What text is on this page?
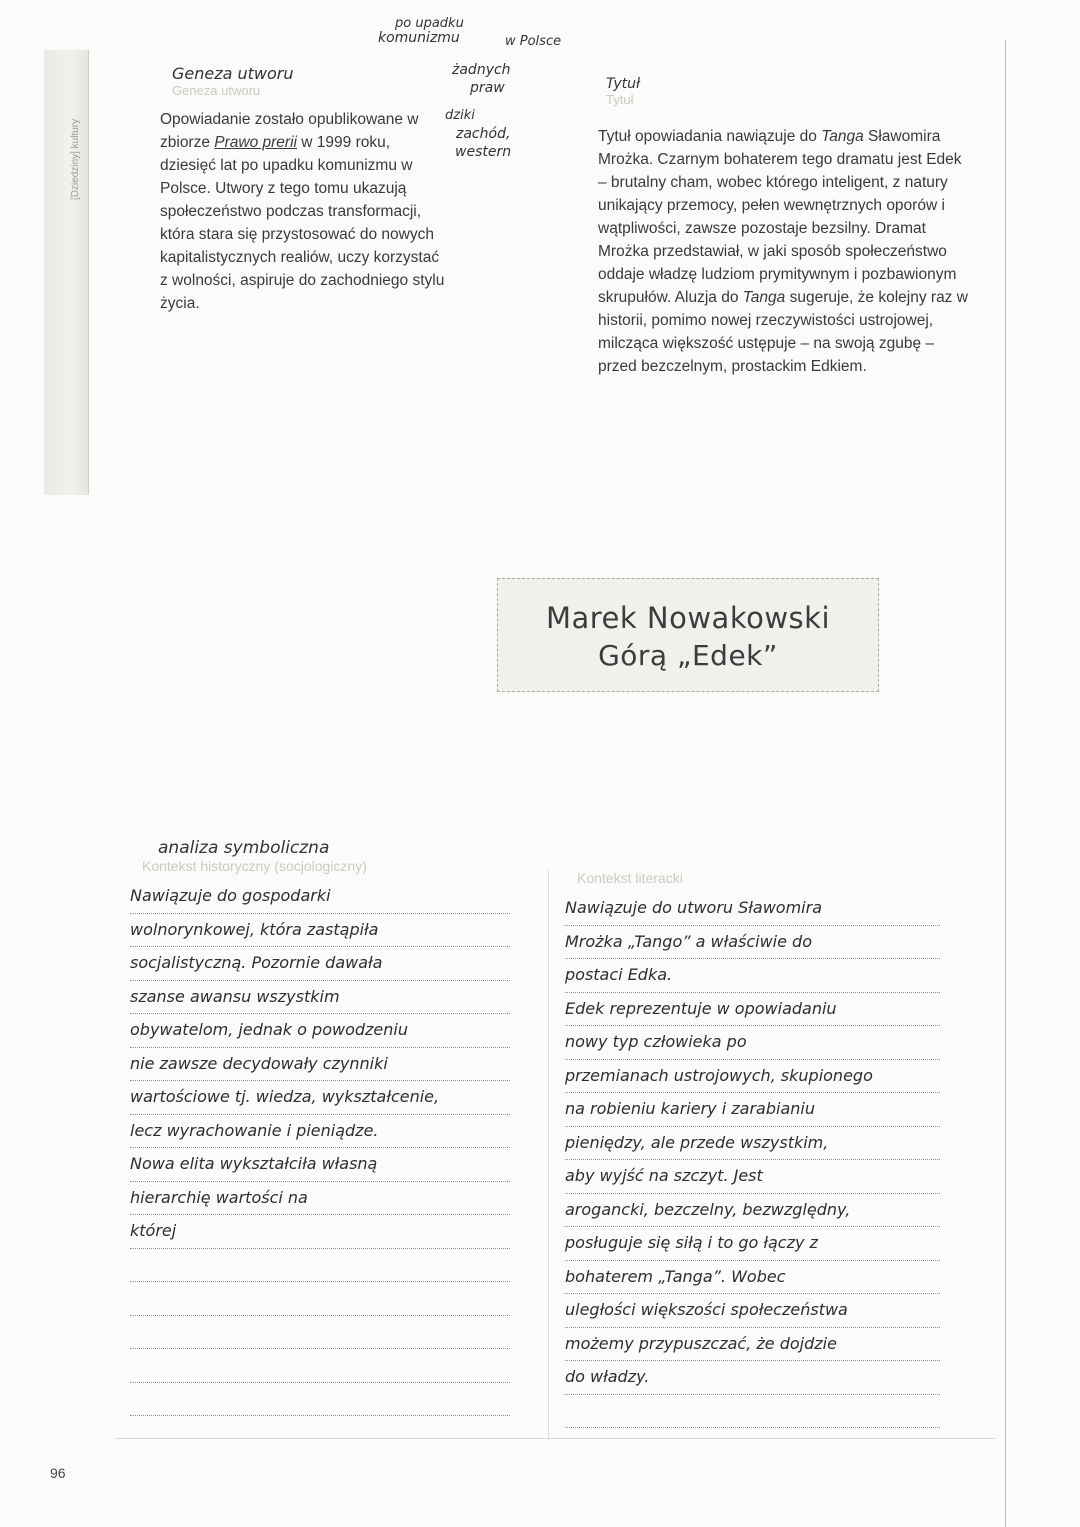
[Dziedziny] kultury
po upadku
komunizmu	w Polsce
żadnych
praw
dziki
zachód,
western
Geneza utworu
Geneza utworu
Opowiadanie zostało opublikowane w zbiorze Prawo prerii w 1999 roku, dziesięć lat po upadku komunizmu w Polsce. Utwory z tego tomu ukazują społeczeństwo podczas transformacji, która stara się przystosować do nowych kapitalistycznych realiów, uczy korzystać z wolności, aspiruje do zachodniego stylu życia.
Tytuł
Tytuł
Tytuł opowiadania nawiązuje do Tanga Sławomira Mrożka. Czarnym bohaterem tego dramatu jest Edek – brutalny cham, wobec którego inteligent, z natury unikający przemocy, pełen wewnętrznych oporów i wątpliwości, zawsze pozostaje bezsilny. Dramat Mrożka przedstawiał, w jaki sposób społeczeństwo oddaje władzę ludziom prymitywnym i pozbawionym skrupułów. Aluzja do Tanga sugeruje, że kolejny raz w historii, pomimo nowej rzeczywistości ustrojowej, milcząca większość ustępuje – na swoją zgubę – przed bezczelnym, prostackim Edkiem.
Marek Nowakowski
Górą „Edek”
analiza symboliczna
Kontekst historyczny (socjologiczny)
Nawiązuje do gospodarki
wolnorynkowej, która zastąpiła
socjalistyczną. Pozornie dawała
szanse awansu wszystkim
obywatelom, jednak o powodzeniu
nie zawsze decydowały czynniki
wartościowe tj. wiedza, wykształcenie,
lecz wyrachowanie i pieniądze.
Nowa elita wykształciła własną
hierarchię wartości na
której
Kontekst literacki
Nawiązuje do utworu Sławomira
Mrożka „Tango” a właściwie do
postaci Edka.
Edek reprezentuje w opowiadaniu
nowy typ człowieka po
przemianach ustrojowych, skupionego
na robieniu kariery i zarabianiu
pieniędzy, ale przede wszystkim,
aby wyjść na szczyt. Jest
arogancki, bezczelny, bezwzględny,
posługuje się siłą i to go łączy z
bohaterem „Tanga”. Wobec
uległości większości społeczeństwa
możemy przypuszczać, że dojdzie
do władzy.
96
